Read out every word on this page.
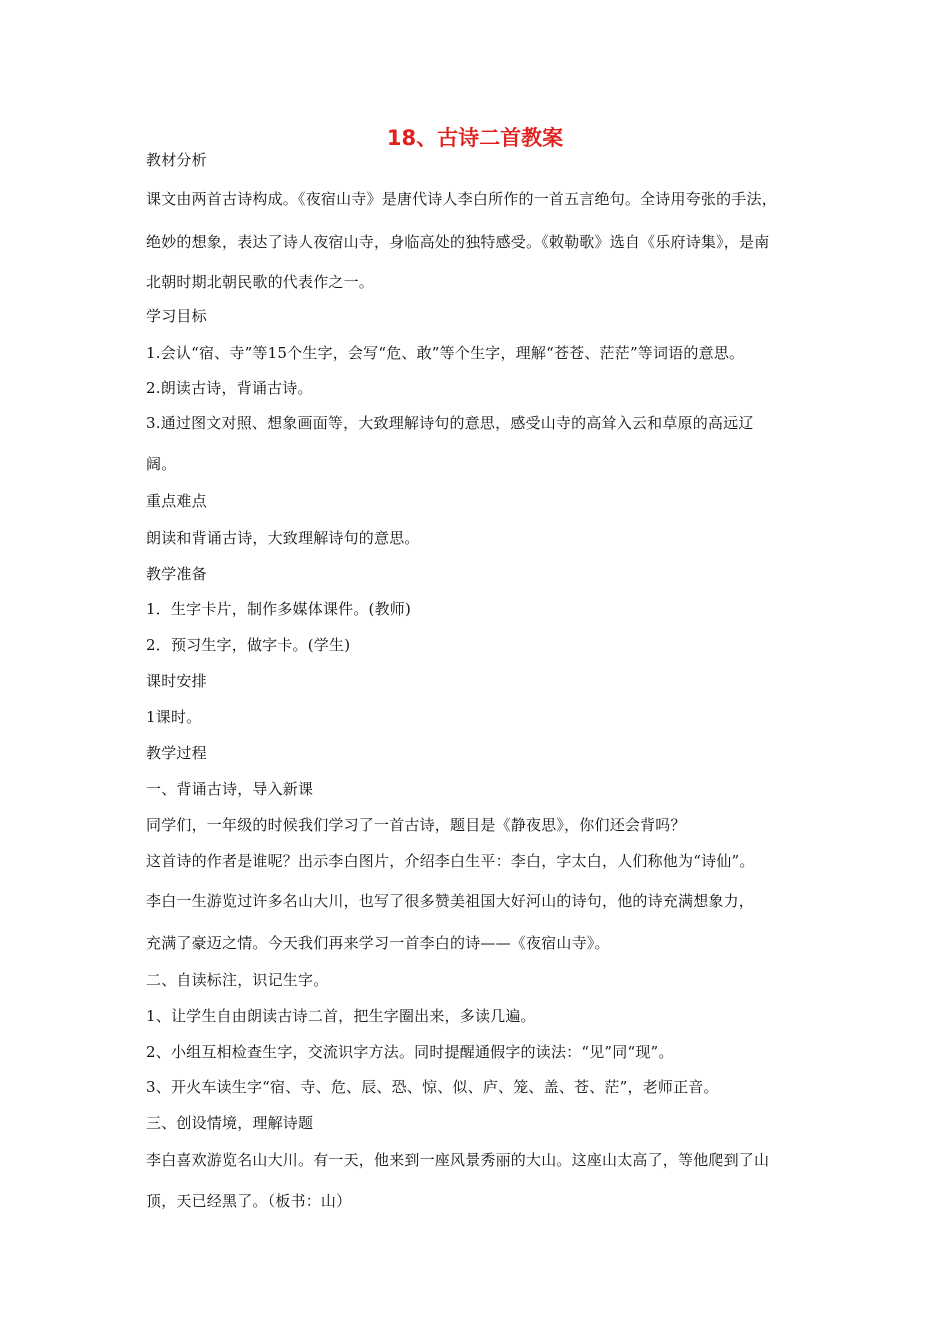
18、古诗二首教案
教材分析
课文由两首古诗构成。《夜宿山寺》是唐代诗人李白所作的一首五言绝句。全诗用夸张的手法，
绝妙的想象，表达了诗人夜宿山寺，身临高处的独特感受。《敕勒歌》选自《乐府诗集》，是南
北朝时期北朝民歌的代表作之一。
学习目标
1.会认“宿、寺”等15个生字，会写“危、敢”等个生字，理解“苍苍、茫茫”等词语的意思。
2.朗读古诗，背诵古诗。
3.通过图文对照、想象画面等，大致理解诗句的意思，感受山寺的高耸入云和草原的高远辽
阔。
重点难点
朗读和背诵古诗，大致理解诗句的意思。
教学准备
1．生字卡片，制作多媒体课件。(教师)
2．预习生字，做字卡。(学生)
课时安排
1课时。
教学过程
一、背诵古诗，导入新课
同学们，一年级的时候我们学习了一首古诗，题目是《静夜思》，你们还会背吗？
这首诗的作者是谁呢？出示李白图片，介绍李白生平：李白，字太白，人们称他为“诗仙”。
李白一生游览过许多名山大川，也写了很多赞美祖国大好河山的诗句，他的诗充满想象力，
充满了豪迈之情。今天我们再来学习一首李白的诗——《夜宿山寺》。
二、自读标注，识记生字。
1、让学生自由朗读古诗二首，把生字圈出来，多读几遍。
2、小组互相检查生字，交流识字方法。同时提醒通假字的读法：“见”同“现”。
3、开火车读生字“宿、寺、危、辰、恐、惊、似、庐、笼、盖、苍、茫”，老师正音。
三、创设情境，理解诗题
李白喜欢游览名山大川。有一天，他来到一座风景秀丽的大山。这座山太高了，等他爬到了山
顶，天已经黑了。（板书：山）
